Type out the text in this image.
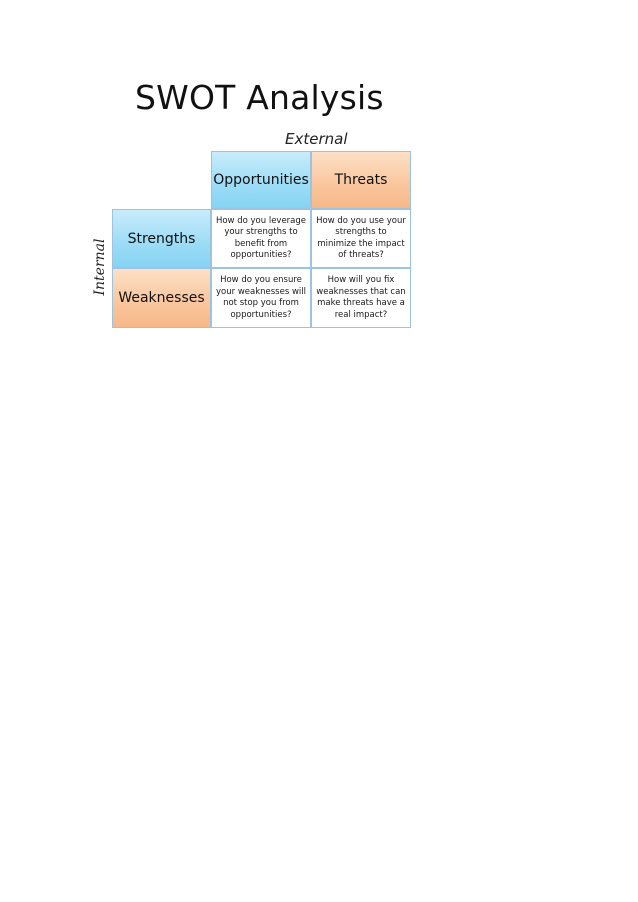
SWOT Analysis
External
Internal
Opportunities Threats
Strengths
Weaknesses
How do you leverage your strengths to benefit from opportunities?
How do you use your strengths to minimize the impact of threats?
How do you ensure your weaknesses will not stop you from opportunities?
How will you fix weaknesses that can make threats have a real impact?
